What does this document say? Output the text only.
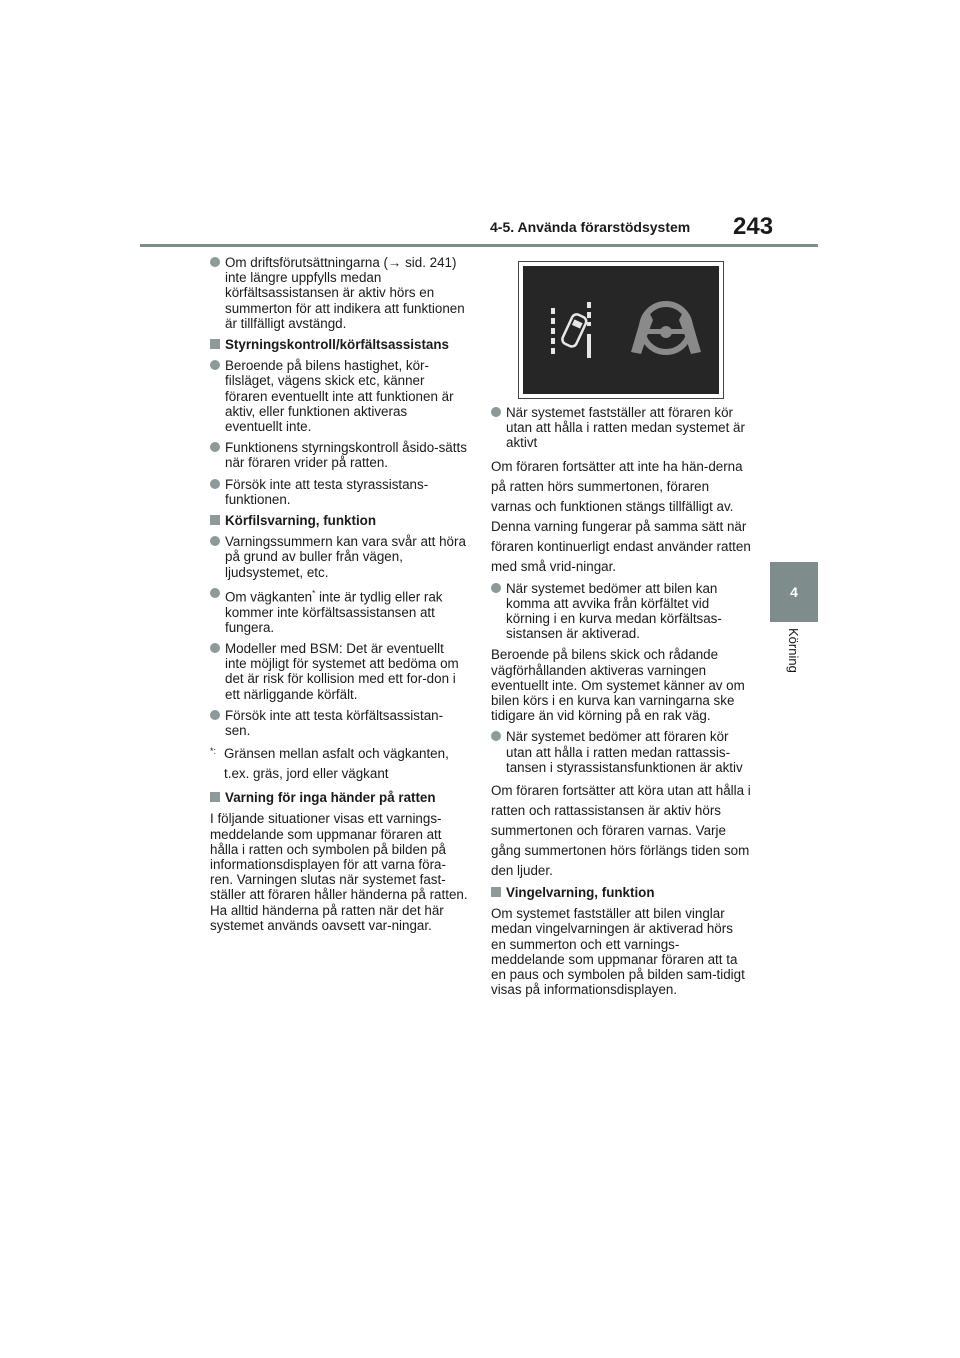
4-5. Använda förarstödsystem 243
4
Körning
Om driftsförutsättningarna (→ sid. 241) inte längre uppfylls medan körfältsassistansen är aktiv hörs en summerton för att indikera att funktionen är tillfälligt avstängd.
Styrningskontroll/körfältsassistans
Beroende på bilens hastighet, kör-filsläget, vägens skick etc, känner föraren eventuellt inte att funktionen är aktiv, eller funktionen aktiveras eventuellt inte.
Funktionens styrningskontroll åsido-sätts när föraren vrider på ratten.
Försök inte att testa styrassistans-funktionen.
Körfilsvarning, funktion
Varningssummern kan vara svår att höra på grund av buller från vägen, ljudsystemet, etc.
Om vägkanten* inte är tydlig eller rak kommer inte körfältsassistansen att fungera.
Modeller med BSM: Det är eventuellt inte möjligt för systemet att bedöma om det är risk för kollision med ett for-don i ett närliggande körfält.
Försök inte att testa körfältsassistan-sen.
*: Gränsen mellan asfalt och vägkanten, t.ex. gräs, jord eller vägkant
Varning för inga händer på ratten
I följande situationer visas ett varnings-meddelande som uppmanar föraren att hålla i ratten och symbolen på bilden på informationsdisplayen för att varna föra-ren. Varningen slutas när systemet fast-ställer att föraren håller händerna på ratten. Ha alltid händerna på ratten när det här systemet används oavsett var-ningar.
När systemet fastställer att föraren kör utan att hålla i ratten medan systemet är aktivt
Om föraren fortsätter att inte ha hän-derna på ratten hörs summertonen, föraren varnas och funktionen stängs tillfälligt av. Denna varning fungerar på samma sätt när föraren kontinuerligt endast använder ratten med små vrid-ningar.
När systemet bedömer att bilen kan komma att avvika från körfältet vid körning i en kurva medan körfältsas-sistansen är aktiverad.
Beroende på bilens skick och rådande vägförhållanden aktiveras varningen eventuellt inte. Om systemet känner av om bilen körs i en kurva kan varningarna ske tidigare än vid körning på en rak väg.
När systemet bedömer att föraren kör utan att hålla i ratten medan rattassis-tansen i styrassistansfunktionen är aktiv
Om föraren fortsätter att köra utan att hålla i ratten och rattassistansen är aktiv hörs summertonen och föraren varnas. Varje gång summertonen hörs förlängs tiden som den ljuder.
Vingelvarning, funktion
Om systemet fastställer att bilen vinglar medan vingelvarningen är aktiverad hörs en summerton och ett varnings-meddelande som uppmanar föraren att ta en paus och symbolen på bilden sam-tidigt visas på informationsdisplayen.
